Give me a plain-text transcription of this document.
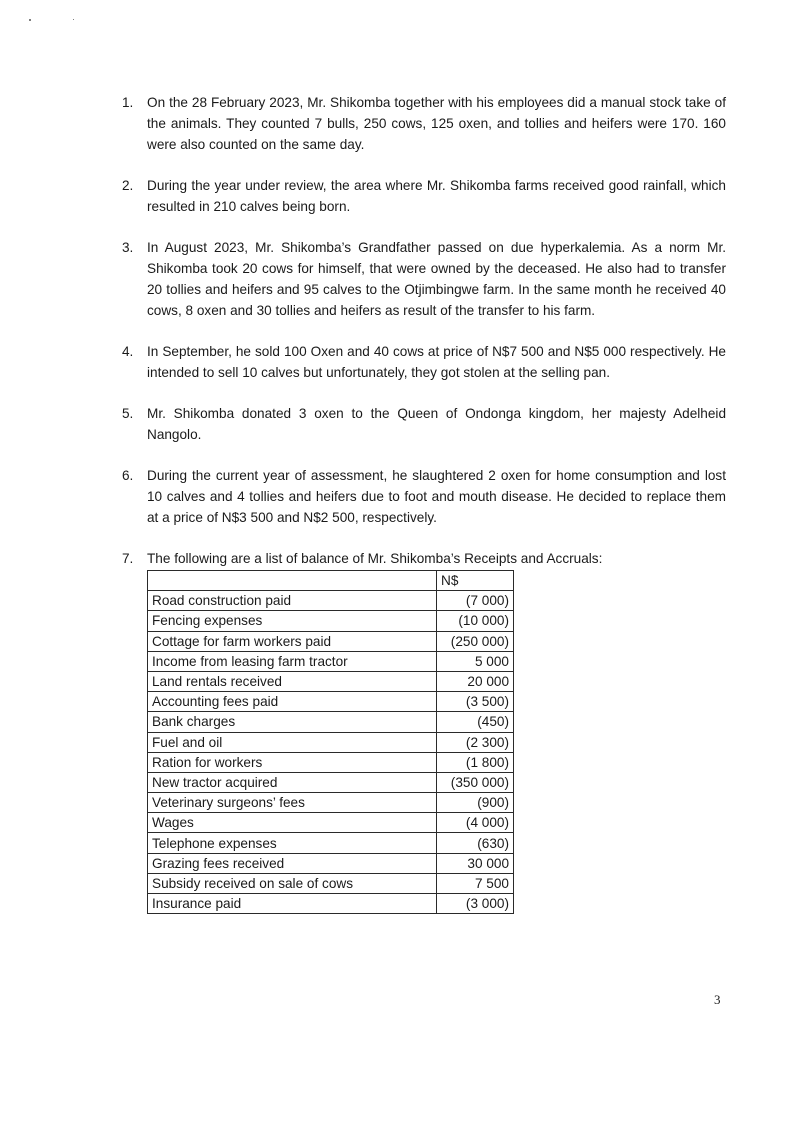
1.	On the 28 February 2023, Mr. Shikomba together with his employees did a manual stock take of the animals. They counted 7 bulls, 250 cows, 125 oxen, and tollies and heifers were 170. 160 were also counted on the same day.
2.	During the year under review, the area where Mr. Shikomba farms received good rainfall, which resulted in 210 calves being born.
3.	In August 2023, Mr. Shikomba’s Grandfather passed on due hyperkalemia. As a norm Mr. Shikomba took 20 cows for himself, that were owned by the deceased. He also had to transfer 20 tollies and heifers and 95 calves to the Otjimbingwe farm. In the same month he received 40 cows, 8 oxen and 30 tollies and heifers as result of the transfer to his farm.
4.	In September, he sold 100 Oxen and 40 cows at price of N$7 500 and N$5 000 respectively. He intended to sell 10 calves but unfortunately, they got stolen at the selling pan.
5.	Mr. Shikomba donated 3 oxen to the Queen of Ondonga kingdom, her majesty Adelheid Nangolo.
6.	During the current year of assessment, he slaughtered 2 oxen for home consumption and lost 10 calves and 4 tollies and heifers due to foot and mouth disease. He decided to replace them at a price of N$3 500 and N$2 500, respectively.
7.	The following are a list of balance of Mr. Shikomba’s Receipts and Accruals:
	N$
Road construction paid	(7 000)
Fencing expenses	(10 000)
Cottage for farm workers paid	(250 000)
Income from leasing farm tractor	5 000
Land rentals received	20 000
Accounting fees paid	(3 500)
Bank charges	(450)
Fuel and oil	(2 300)
Ration for workers	(1 800)
New tractor acquired	(350 000)
Veterinary surgeons’ fees	(900)
Wages	(4 000)
Telephone expenses	(630)
Grazing fees received	30 000
Subsidy received on sale of cows	7 500
Insurance paid	(3 000)
3
